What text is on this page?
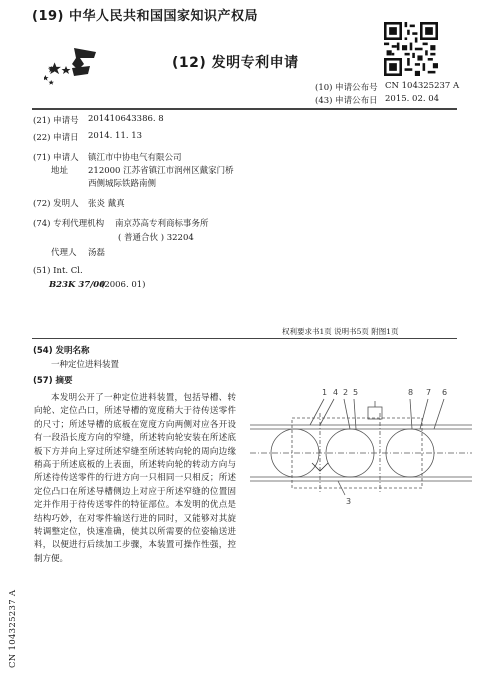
(19) 中华人民共和国国家知识产权局
(12) 发明专利申请
(10) 申请公布号 CN 104325237 A
(43) 申请公布日 2015. 02. 04
(21) 申请号 201410643386. 8
(22) 申请日 2014. 11. 13
(71) 申请人 镇江市中协电气有限公司
地址 212000 江苏省镇江市润州区戴家门桥
西侧城际铁路南侧
(72) 发明人 张炎 戴真
(74) 专利代理机构 南京苏高专利商标事务所
( 普通合伙 ) 32204
代理人 汤磊
(51) Int. Cl.
B23K 37/00
(2006. 01)
权利要求书1页 说明书5页 附图1页
(54) 发明名称
一种定位进料装置
(57) 摘要
本发明公开了一种定位进料装置，包括导槽、转向轮、定位凸口，所述导槽的宽度稍大于待传送零件的尺寸；所述导槽的底板在宽度方向两侧对应各开设有一段沿长度方向的窄缝，所述转向轮安装在所述底板下方并向上穿过所述窄缝至所述转向轮的周向边缘稍高于所述底板的上表面，所述转向轮的转动方向与所述待传送零件的行进方向一只相同一只相反；所述定位凸口在所述导槽侧边上对应于所述窄缝的位置固定并作用于待传送零件的特征部位。本发明的优点是结构巧妙，在对零件输送行进的同时，又能够对其旋转调整定位，快速准确，使其以所需要的位姿输送进料，以便进行后续加工步骤，本装置可操作性强，控制方便。
1 4 2 5	8 7 6
3
CN 104325237 A
